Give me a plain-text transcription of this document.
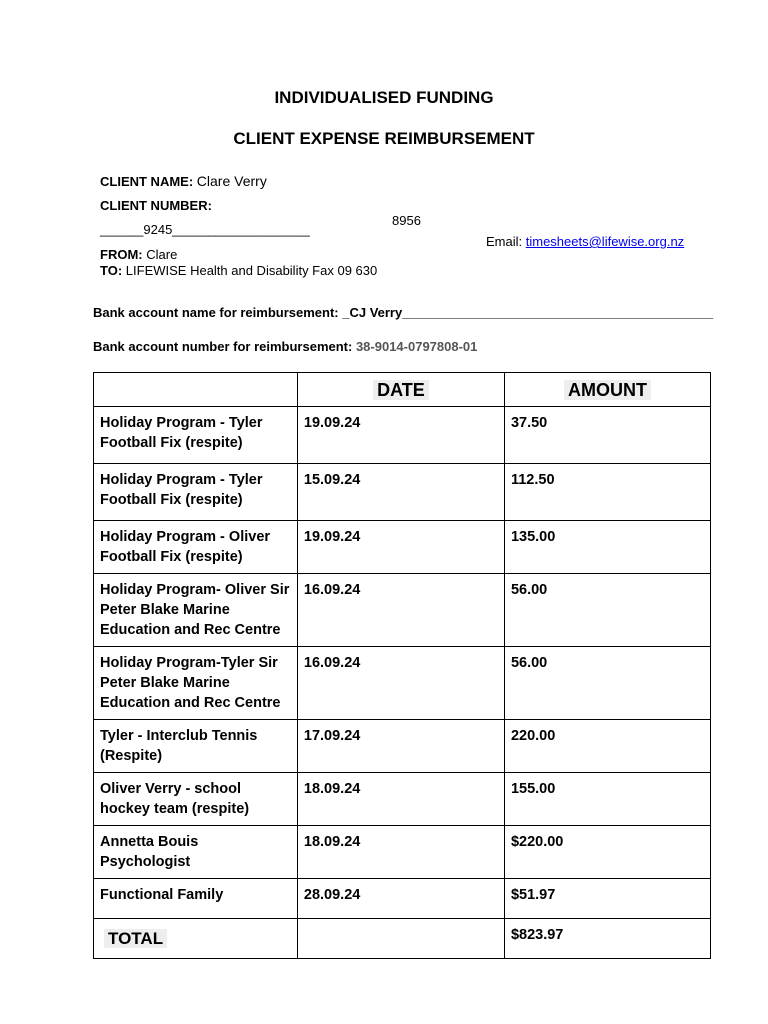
INDIVIDUALISED FUNDING
CLIENT EXPENSE REIMBURSEMENT
CLIENT NAME: Clare Verry
CLIENT NUMBER:
______9245___________________
8956
Email: timesheets@lifewise.org.nz
FROM: Clare
TO: LIFEWISE Health and Disability Fax 09 630
Bank account name for reimbursement: _CJ Verry___________________________________________
Bank account number for reimbursement: 38-9014-0797808-01
	DATE	AMOUNT
Holiday Program - Tyler Football Fix (respite)	19.09.24	37.50
Holiday Program - Tyler Football Fix (respite)	15.09.24	112.50
Holiday Program - Oliver Football Fix (respite)	19.09.24	135.00
Holiday Program- Oliver Sir Peter Blake Marine Education and Rec Centre	16.09.24	56.00
Holiday Program-Tyler Sir Peter Blake Marine Education and Rec Centre	16.09.24	56.00
Tyler - Interclub Tennis (Respite)	17.09.24	220.00
Oliver Verry - school hockey team (respite)	18.09.24	155.00
Annetta Bouis Psychologist	18.09.24	$220.00
Functional Family	28.09.24	$51.97
TOTAL		$823.97
